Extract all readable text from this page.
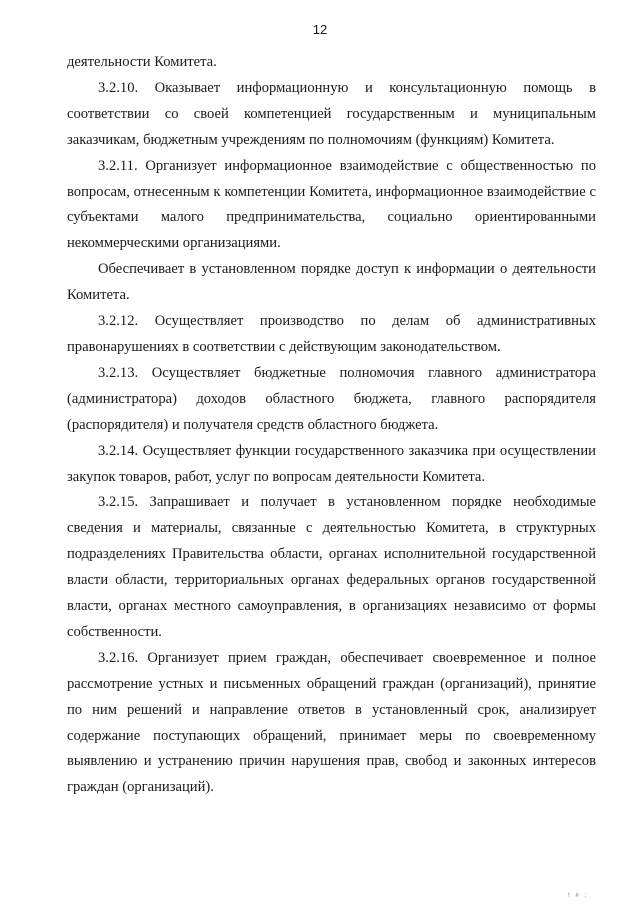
12

деятельности Комитета.

3.2.10. Оказывает информационную и консультационную помощь в соответствии со своей компетенцией государственным и муниципальным заказчикам, бюджетным учреждениям по полномочиям (функциям) Комитета.

3.2.11. Организует информационное взаимодействие с общественностью по вопросам, отнесенным к компетенции Комитета, информационное взаимодействие с субъектами малого предпринимательства, социально ориентированными некоммерческими организациями.

Обеспечивает в установленном порядке доступ к информации о деятельности Комитета.

3.2.12. Осуществляет производство по делам об административных правонарушениях в соответствии с действующим законодательством.

3.2.13. Осуществляет бюджетные полномочия главного администратора (администратора) доходов областного бюджета, главного распорядителя (распорядителя) и получателя средств областного бюджета.

3.2.14. Осуществляет функции государственного заказчика при осуществлении закупок товаров, работ, услуг по вопросам деятельности Комитета.

3.2.15. Запрашивает и получает в установленном порядке необходимые сведения и материалы, связанные с деятельностью Комитета, в структурных подразделениях Правительства области, органах исполнительной государственной власти области, территориальных органах федеральных органов государственной власти, органах местного самоуправления, в организациях независимо от формы собственности.

3.2.16. Организует прием граждан, обеспечивает своевременное и полное рассмотрение устных и письменных обращений граждан (организаций), принятие по ним решений и направление ответов в установленный срок, анализирует содержание поступающих обращений, принимает меры по своевременному выявлению и устранению причин нарушения прав, свобод и законных интересов граждан (организаций).

! # ;
